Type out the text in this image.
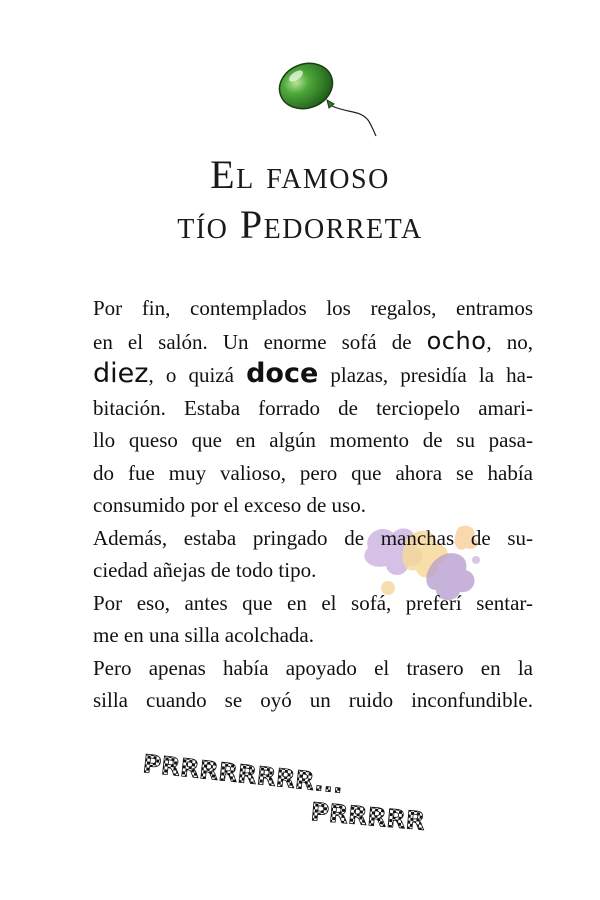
El famoso
tío Pedorreta
Por fin, contemplados los regalos, entramos
en el salón. Un enorme sofá de ocho, no,
diez, o quizá doce plazas, presidía la ha-
bitación. Estaba forrado de terciopelo amari-
llo queso que en algún momento de su pasa-
do fue muy valioso, pero que ahora se había
consumido por el exceso de uso.
Además, estaba pringado de manchas de su-
ciedad añejas de todo tipo.
Por eso, antes que en el sofá, preferí sentar-
me en una silla acolchada.
Pero apenas había apoyado el trasero en la
silla cuando se oyó un ruido inconfundible.
PRRRRRRRR...
PRRRRR
